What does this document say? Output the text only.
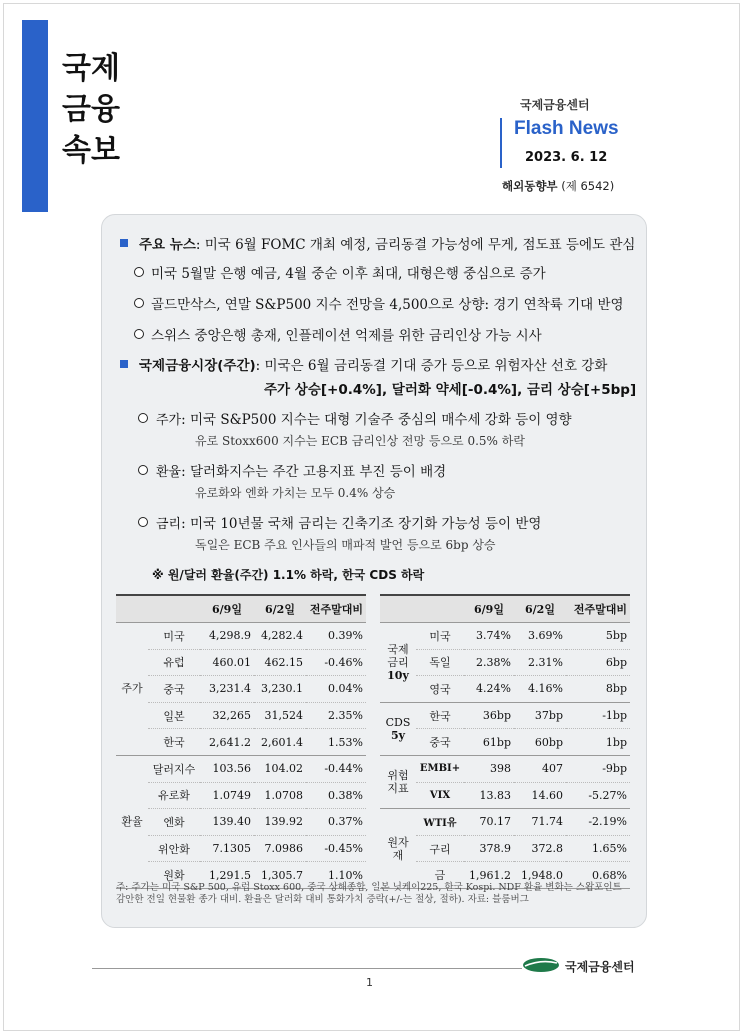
국제
금융
속보
국제금융센터
Flash News
2023. 6. 12
해외동향부 (제 6542)
주요 뉴스: 미국 6월 FOMC 개최 예정, 금리동결 가능성에 무게, 점도표 등에도 관심
미국 5월말 은행 예금, 4월 중순 이후 최대, 대형은행 중심으로 증가
골드만삭스, 연말 S&P500 지수 전망을 4,500으로 상향: 경기 연착륙 기대 반영
스위스 중앙은행 총재, 인플레이션 억제를 위한 금리인상 가능 시사
국제금융시장(주간): 미국은 6월 금리동결 기대 증가 등으로 위험자산 선호 강화
주가 상승[+0.4%], 달러화 약세[-0.4%], 금리 상승[+5bp]
주가: 미국 S&P500 지수는 대형 기술주 중심의 매수세 강화 등이 영향
유로 Stoxx600 지수는 ECB 금리인상 전망 등으로 0.5% 하락
환율: 달러화지수는 주간 고용지표 부진 등이 배경
유로화와 엔화 가치는 모두 0.4% 상승
금리: 미국 10년물 국채 금리는 긴축기조 장기화 가능성 등이 반영
독일은 ECB 주요 인사들의 매파적 발언 등으로 6bp 상승
※ 원/달러 환율(주간) 1.1% 하락, 한국 CDS 하락
		6/9일	6/2일	전주말대비
주가	미국	4,298.9	4,282.4	0.39%
	유럽	460.01	462.15	-0.46%
	중국	3,231.4	3,230.1	0.04%
	일본	32,265	31,524	2.35%
	한국	2,641.2	2,601.4	1.53%
환율	달러지수	103.56	104.02	-0.44%
	유로화	1.0749	1.0708	0.38%
	엔화	139.40	139.92	0.37%
	위안화	7.1305	7.0986	-0.45%
	원화	1,291.5	1,305.7	1.10%
		6/9일	6/2일	전주말대비

국제
금리
10y	미국	3.74%	3.69%	5bp
	독일	2.38%	2.31%	6bp
	영국	4.24%	4.16%	8bp

CDS
5y	한국	36bp	37bp	-1bp
	중국	61bp	60bp	1bp

위험
지표	EMBI+	398	407	-9bp
	VIX	13.83	14.60	-5.27%

원자재	WTI유	70.17	71.74	-2.19%
	구리	378.9	372.8	1.65%
	금	1,961.2	1,948.0	0.68%
주: 주가는 미국 S&P 500, 유럽 Stoxx 600, 중국 상해종합, 일본 닛케이225, 한국 Kospi. NDF 환율 변화는 스왑포인트
감안한 전일 현물환 종가 대비. 환율은 달러화 대비 통화가치 증락(+/-는 절상, 절하). 자료: 블룸버그
1
국제금융센터
